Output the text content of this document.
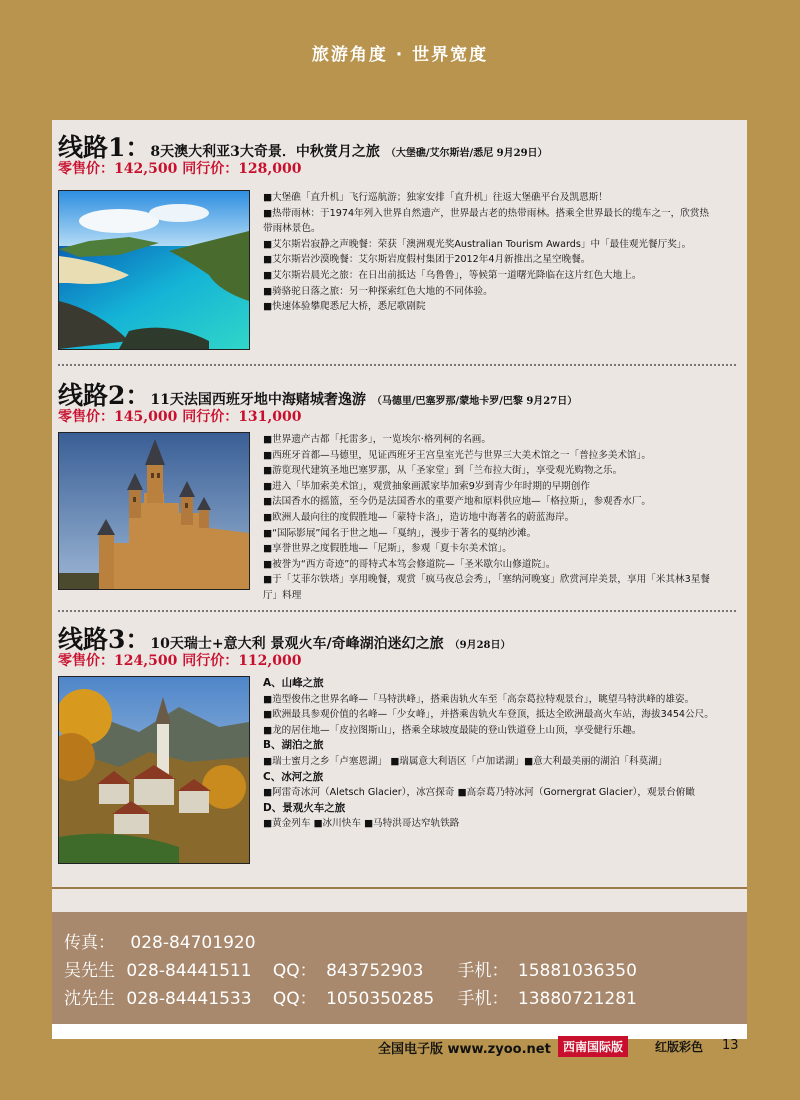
旅游角度 · 世界宽度
线路1：8天澳大利亚3大奇景．中秋赏月之旅 （大堡礁/艾尔斯岩/悉尼 9月29日）
零售价：142,500 同行价：128,000

■大堡礁「直升机」飞行巡航游；独家安排「直升机」往返大堡礁平台及凯恩斯！

■热带雨林：于1974年列入世界自然遗产，世界最古老的热带雨林。搭乘全世界最长的缆车之一，欣赏热带雨林景色。

■艾尔斯岩寂静之声晚餐：荣获「澳洲观光奖Australian Tourism Awards」中「最佳观光餐厅奖」。

■艾尔斯岩沙漠晚餐：艾尔斯岩度假村集团于2012年4月新推出之星空晚餐。

■艾尔斯岩晨光之旅：在日出前抵达「乌鲁鲁」，等候第一道曙光降临在这片红色大地上。

■骑骆驼日落之旅：另一种探索红色大地的不同体验。

■快速体验攀爬悉尼大桥，悉尼歌剧院

线路2：11天法国西班牙地中海赌城奢逸游 （马德里/巴塞罗那/蒙地卡罗/巴黎 9月27日）
零售价：145,000 同行价：131,000

■世界遗产古都「托雷多」，一览埃尔·格列柯的名画。

■西班牙首都—马德里，见证西班牙王宫皇室光芒与世界三大美术馆之一「普拉多美术馆」。

■游览现代建筑圣地巴塞罗那，从「圣家堂」到「兰布拉大街」，享受观光购物之乐。

■进入「毕加索美术馆」，观赏抽象画派家毕加索9岁到青少年时期的早期创作

■法国香水的摇篮，至今仍是法国香水的重要产地和原料供应地—「格拉斯」，参观香水厂。

■欧洲人最向往的度假胜地—「蒙特卡洛」，造访地中海著名的蔚蓝海岸。

■“国际影展”闻名于世之地—「戛纳」，漫步于著名的戛纳沙滩。

■享誉世界之度假胜地—「尼斯」，参观「夏卡尔美术馆」。

■被誉为“西方奇迹”的哥特式本笃会修道院—「圣米歇尔山修道院」。

■于「艾菲尔铁塔」享用晚餐，观赏「疯马夜总会秀」，「塞纳河晚宴」欣赏河岸美景，享用「米其林3星餐厅」料理

线路3：10天瑞士+意大利 景观火车/奇峰湖泊迷幻之旅 （9月28日）
零售价：124,500 同行价：112,000

A、山峰之旅

■造型俊伟之世界名峰—「马特洪峰」，搭乘齿轨火车至「高奈葛拉特观景台」，眺望马特洪峰的雄姿。

■欧洲最具参观价值的名峰—「少女峰」，并搭乘齿轨火车登顶，抵达全欧洲最高火车站，海拔3454公尺。

■龙的居住地—「皮拉图斯山」，搭乘全球坡度最陡的登山铁道登上山顶，享受健行乐趣。

B、湖泊之旅

■瑞士蜜月之乡「卢塞恩湖」 ■瑞属意大利语区「卢加诺湖」■意大利最美丽的湖泊「科莫湖」

C、冰河之旅

■阿雷奇冰河（Aletsch Glacier），冰宫探奇 ■高奈葛乃特冰河（Gornergrat Glacier），观景台俯瞰

D、景观火车之旅

■黄金列车 ■冰川快车 ■马特洪哥达窄轨铁路

传真： 028-84701920
吴先生 028-84441511 QQ： 843752903 手机： 15881036350
沈先生 028-84441533 QQ： 1050350285 手机： 13880721281
全国电子版 www.zyoo.net	西南国际版	红版彩色 13
